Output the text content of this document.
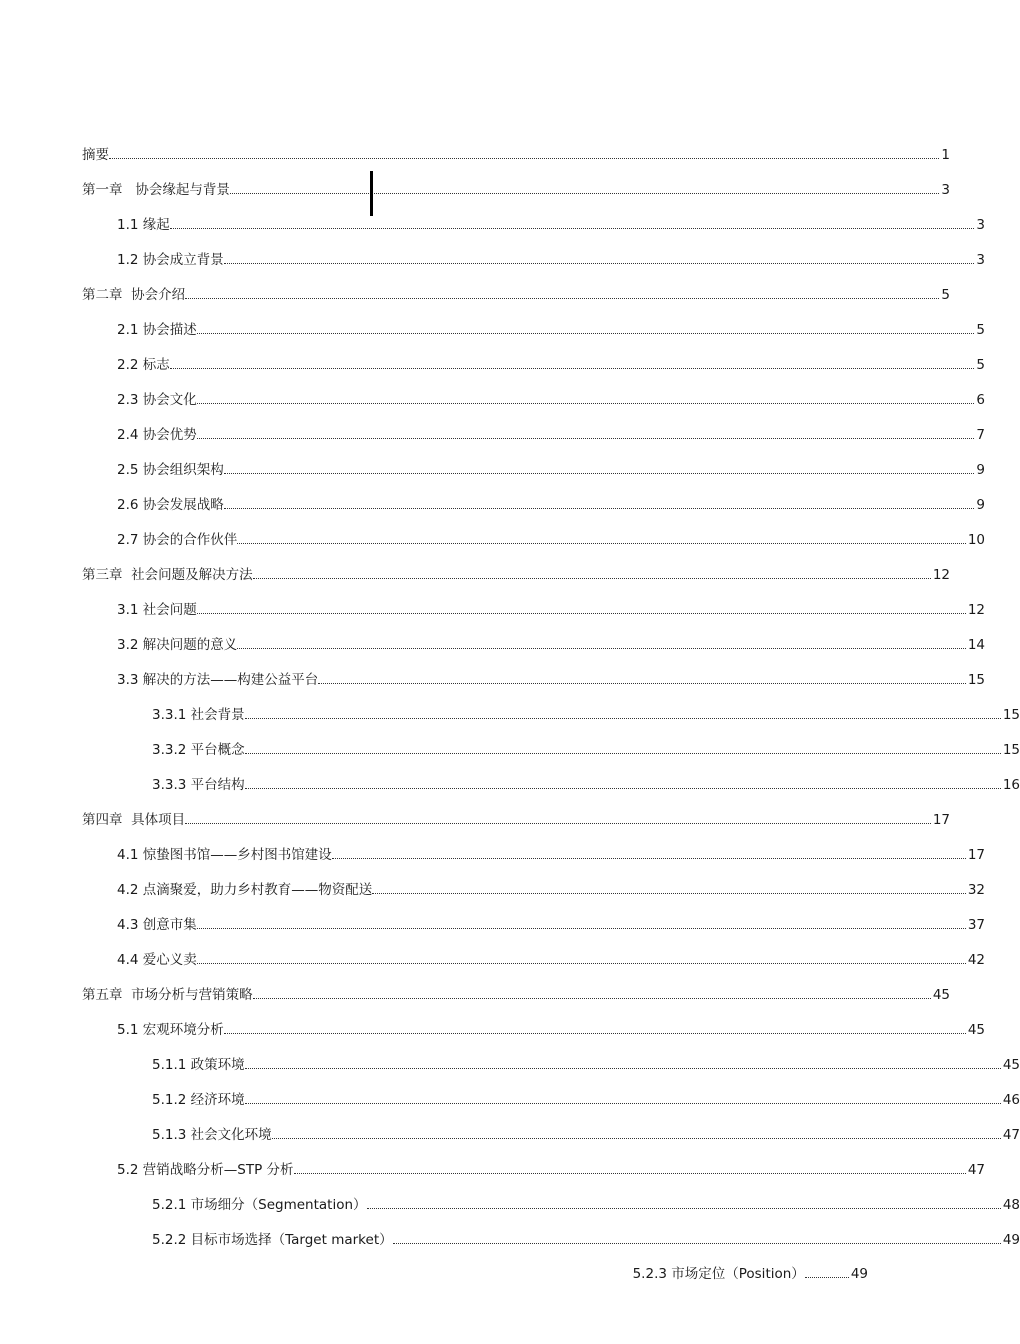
摘要	1
第一章   协会缘起与背景	3
1.1 缘起	3
1.2 协会成立背景	3
第二章  协会介绍	5
2.1 协会描述	5
2.2 标志	5
2.3 协会文化	6
2.4 协会优势	7
2.5 协会组织架构	9
2.6 协会发展战略	9
2.7 协会的合作伙伴	10
第三章  社会问题及解决方法	12
3.1 社会问题	12
3.2 解决问题的意义	14
3.3 解决的方法——构建公益平台	15
3.3.1 社会背景	15
3.3.2 平台概念	15
3.3.3 平台结构	16
第四章  具体项目	17
4.1 惊蛰图书馆——乡村图书馆建设	17
4.2 点滴聚爱，助力乡村教育——物资配送	32
4.3 创意市集	37
4.4 爱心义卖	42
第五章  市场分析与营销策略	45
5.1 宏观环境分析	45
5.1.1 政策环境	45
5.1.2 经济环境	46
5.1.3 社会文化环境	47
5.2 营销战略分析—STP 分析	47
5.2.1 市场细分（Segmentation）	48
5.2.2 目标市场选择（Target market）	49
5.2.3 市场定位（Position）	49
